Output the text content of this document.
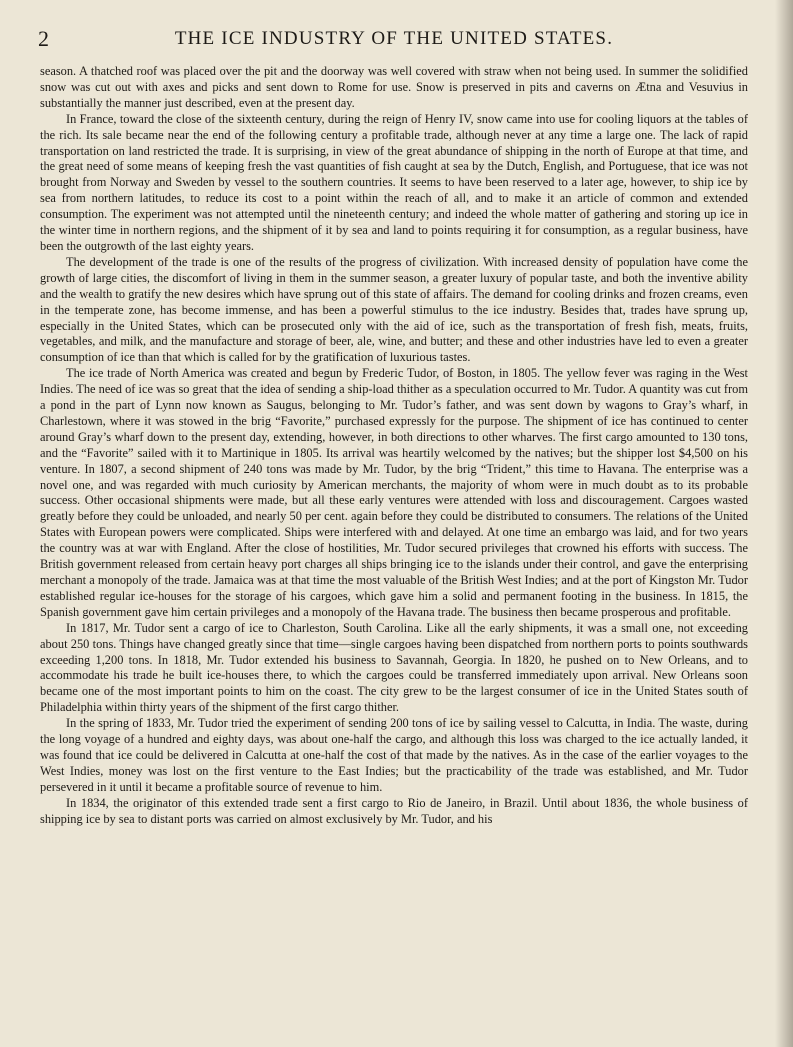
2	THE ICE INDUSTRY OF THE UNITED STATES.

season. A thatched roof was placed over the pit and the doorway was well covered with straw when not being used. In summer the solidified snow was cut out with axes and picks and sent down to Rome for use. Snow is preserved in pits and caverns on Ætna and Vesuvius in substantially the manner just described, even at the present day.

In France, toward the close of the sixteenth century, during the reign of Henry IV, snow came into use for cooling liquors at the tables of the rich. Its sale became near the end of the following century a profitable trade, although never at any time a large one. The lack of rapid transportation on land restricted the trade. It is surprising, in view of the great abundance of shipping in the north of Europe at that time, and the great need of some means of keeping fresh the vast quantities of fish caught at sea by the Dutch, English, and Portuguese, that ice was not brought from Norway and Sweden by vessel to the southern countries. It seems to have been reserved to a later age, however, to ship ice by sea from northern latitudes, to reduce its cost to a point within the reach of all, and to make it an article of common and extended consumption. The experiment was not attempted until the nineteenth century; and indeed the whole matter of gathering and storing up ice in the winter time in northern regions, and the shipment of it by sea and land to points requiring it for consumption, as a regular business, have been the outgrowth of the last eighty years.

The development of the trade is one of the results of the progress of civilization. With increased density of population have come the growth of large cities, the discomfort of living in them in the summer season, a greater luxury of popular taste, and both the inventive ability and the wealth to gratify the new desires which have sprung out of this state of affairs. The demand for cooling drinks and frozen creams, even in the temperate zone, has become immense, and has been a powerful stimulus to the ice industry. Besides that, trades have sprung up, especially in the United States, which can be prosecuted only with the aid of ice, such as the transportation of fresh fish, meats, fruits, vegetables, and milk, and the manufacture and storage of beer, ale, wine, and butter; and these and other industries have led to even a greater consumption of ice than that which is called for by the gratification of luxurious tastes.

The ice trade of North America was created and begun by Frederic Tudor, of Boston, in 1805. The yellow fever was raging in the West Indies. The need of ice was so great that the idea of sending a ship-load thither as a speculation occurred to Mr. Tudor. A quantity was cut from a pond in the part of Lynn now known as Saugus, belonging to Mr. Tudor’s father, and was sent down by wagons to Gray’s wharf, in Charlestown, where it was stowed in the brig “Favorite,” purchased expressly for the purpose. The shipment of ice has continued to center around Gray’s wharf down to the present day, extending, however, in both directions to other wharves. The first cargo amounted to 130 tons, and the “Favorite” sailed with it to Martinique in 1805. Its arrival was heartily welcomed by the natives; but the shipper lost $4,500 on his venture. In 1807, a second shipment of 240 tons was made by Mr. Tudor, by the brig “Trident,” this time to Havana. The enterprise was a novel one, and was regarded with much curiosity by American merchants, the majority of whom were in much doubt as to its probable success. Other occasional shipments were made, but all these early ventures were attended with loss and discouragement. Cargoes wasted greatly before they could be unloaded, and nearly 50 per cent. again before they could be distributed to consumers. The relations of the United States with European powers were complicated. Ships were interfered with and delayed. At one time an embargo was laid, and for two years the country was at war with England. After the close of hostilities, Mr. Tudor secured privileges that crowned his efforts with success. The British government released from certain heavy port charges all ships bringing ice to the islands under their control, and gave the enterprising merchant a monopoly of the trade. Jamaica was at that time the most valuable of the British West Indies; and at the port of Kingston Mr. Tudor established regular ice-houses for the storage of his cargoes, which gave him a solid and permanent footing in the business. In 1815, the Spanish government gave him certain privileges and a monopoly of the Havana trade. The business then became prosperous and profitable.

In 1817, Mr. Tudor sent a cargo of ice to Charleston, South Carolina. Like all the early shipments, it was a small one, not exceeding about 250 tons. Things have changed greatly since that time—single cargoes having been dispatched from northern ports to points southwards exceeding 1,200 tons. In 1818, Mr. Tudor extended his business to Savannah, Georgia. In 1820, he pushed on to New Orleans, and to accommodate his trade he built ice-houses there, to which the cargoes could be transferred immediately upon arrival. New Orleans soon became one of the most important points to him on the coast. The city grew to be the largest consumer of ice in the United States south of Philadelphia within thirty years of the shipment of the first cargo thither.

In the spring of 1833, Mr. Tudor tried the experiment of sending 200 tons of ice by sailing vessel to Calcutta, in India. The waste, during the long voyage of a hundred and eighty days, was about one-half the cargo, and although this loss was charged to the ice actually landed, it was found that ice could be delivered in Calcutta at one-half the cost of that made by the natives. As in the case of the earlier voyages to the West Indies, money was lost on the first venture to the East Indies; but the practicability of the trade was established, and Mr. Tudor persevered in it until it became a profitable source of revenue to him.

In 1834, the originator of this extended trade sent a first cargo to Rio de Janeiro, in Brazil. Until about 1836, the whole business of shipping ice by sea to distant ports was carried on almost exclusively by Mr. Tudor, and his
